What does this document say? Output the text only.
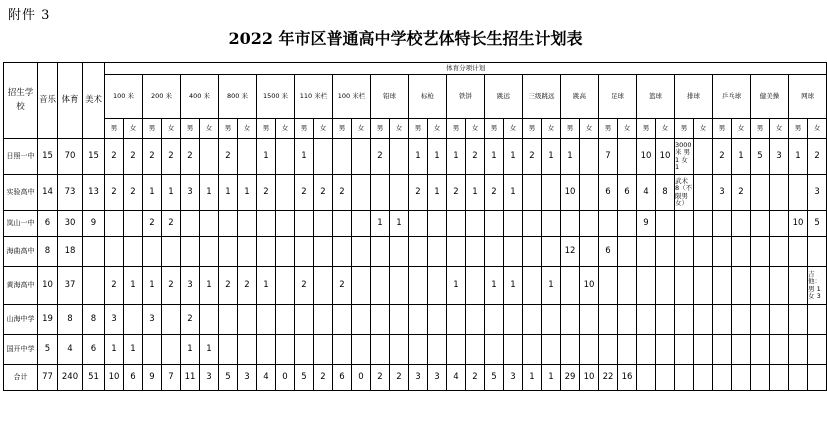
附件 3
2022 年市区普通高中学校艺体特长生招生计划表
招生学校	音乐	体育	美术	体育分项计划																																					
				100 米		200 米		400 米		800 米		1500 米		110 米栏		100 米栏		铅球		标枪		铁饼		跳远		三级跳远		跳高		足球		篮球		排球		乒乓球		健美操		网球	
				男	女	男	女	男	女	男	女	男	女	男	女	男	女	男	女	男	女	男	女	男	女	男	女	男	女	男	女	男	女	男	女	男	女	男	女	男	女
日照一中	15	70	15	2	2	2	2	2		2		1		1				2		1	1	1	2	1	1	2	1	1		7		10	10	3000 米 男 1 女 1		2	1	5	3	1	2
实验高中	14	73	13	2	2	1	1	3	1	1	1	2		2	2	2				2	1	2	1	2	1			10		6	6	4	8	武术 8（不限男女）		3	2				3
岚山一中	6	30	9			2	2											1	1													9								10	5
海曲高中	8	18																										12		6											
黄海高中	10	37		2	1	1	2	3	1	2	2	1		2		2						1		1	1		1		10												吉他：男 1 女 3
山海中学	19	8	8	3		3		2																																	
国开中学	5	4	6	1	1			1	1																																
合计	77	240	51	10	6	9	7	11	3	5	3	4	0	5	2	6	0	2	2	3	3	4	2	5	3	1	1	29	10	22	16										
